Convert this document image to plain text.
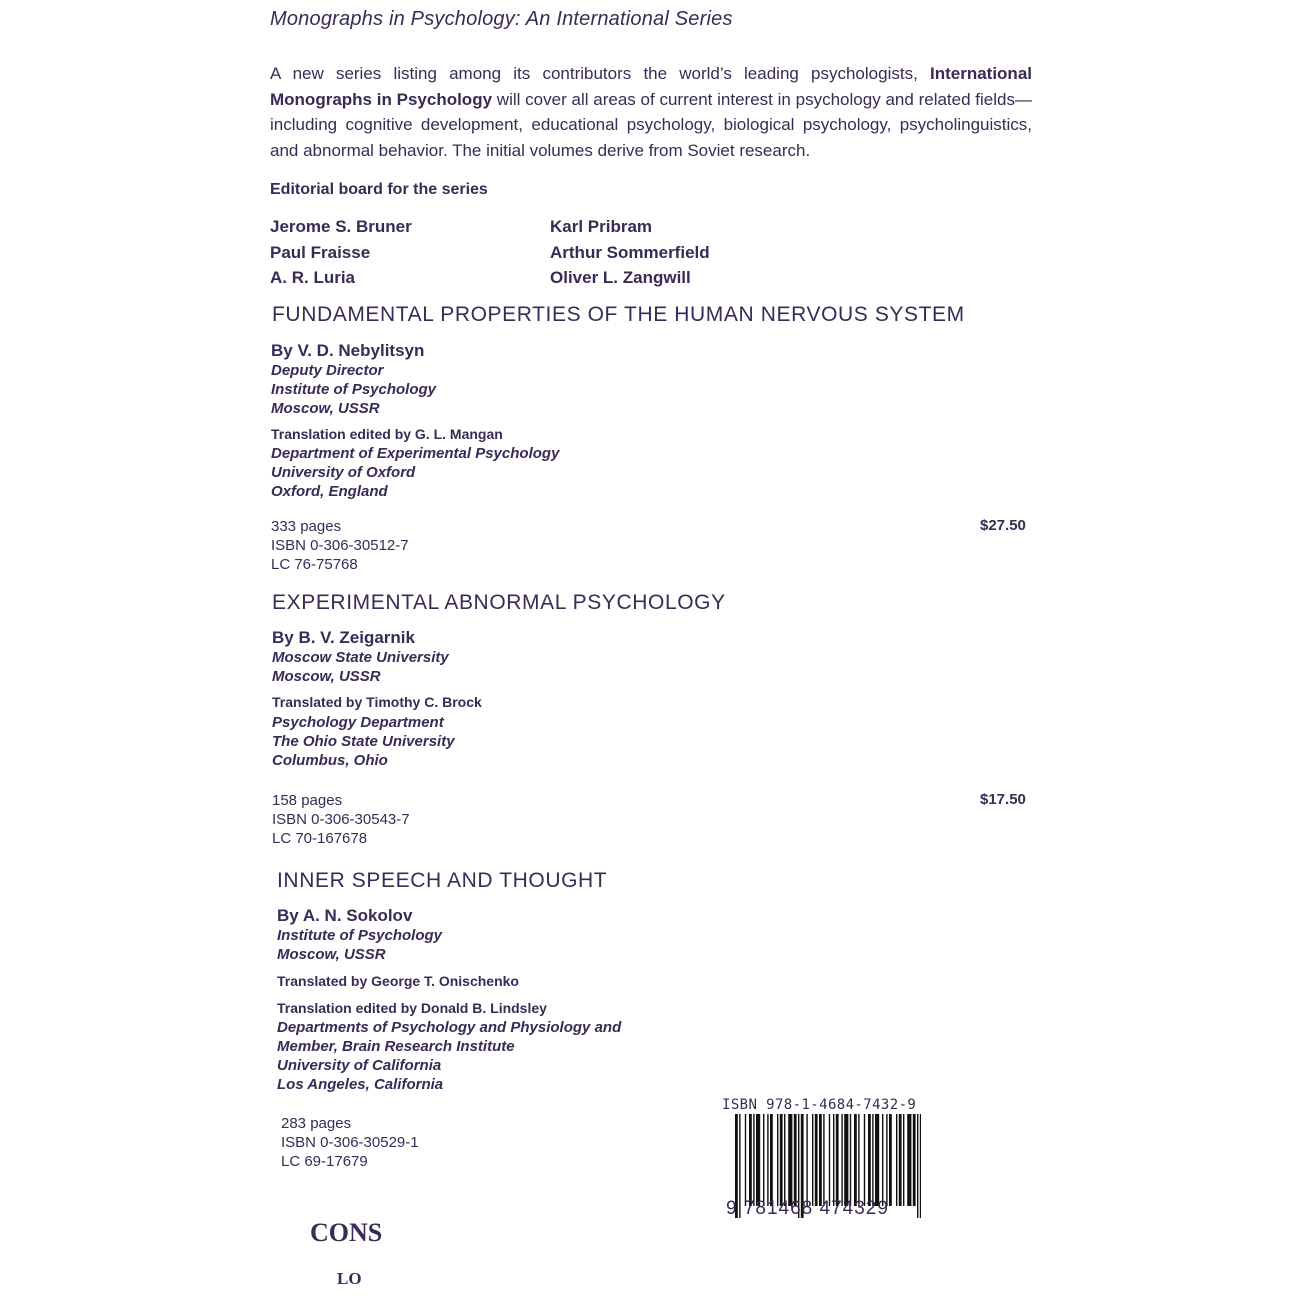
Monographs in Psychology: An International Series
A new series listing among its contributors the world’s leading psychologists, International Monographs in Psychology will cover all areas of current interest in psychology and related fields—including cognitive development, educational psychology, biological psychology, psycholinguistics, and abnormal behavior. The initial volumes derive from Soviet research.
Editorial board for the series
Jerome S. Bruner
Paul Fraisse
A. R. Luria
Karl Pribram
Arthur Sommerfield
Oliver L. Zangwill
FUNDAMENTAL PROPERTIES OF THE HUMAN NERVOUS SYSTEM
By V. D. Nebylitsyn
Deputy Director
Institute of Psychology
Moscow, USSR
Translation edited by G. L. Mangan
Department of Experimental Psychology
University of Oxford
Oxford, England
333 pages
ISBN 0-306-30512-7
LC 76-75768
$27.50
EXPERIMENTAL ABNORMAL PSYCHOLOGY
By B. V. Zeigarnik
Moscow State University
Moscow, USSR
Translated by Timothy C. Brock
Psychology Department
The Ohio State University
Columbus, Ohio
158 pages
ISBN 0-306-30543-7
LC 70-167678
$17.50
INNER SPEECH AND THOUGHT
By A. N. Sokolov
Institute of Psychology
Moscow, USSR
Translated by George T. Onischenko
Translation edited by Donald B. Lindsley
Departments of Psychology and Physiology and
Member, Brain Research Institute
University of California
Los Angeles, California
283 pages
ISBN 0-306-30529-1
LC 69-17679
ISBN 978-1-4684-7432-9
9 781468 474329
CONS
LO
